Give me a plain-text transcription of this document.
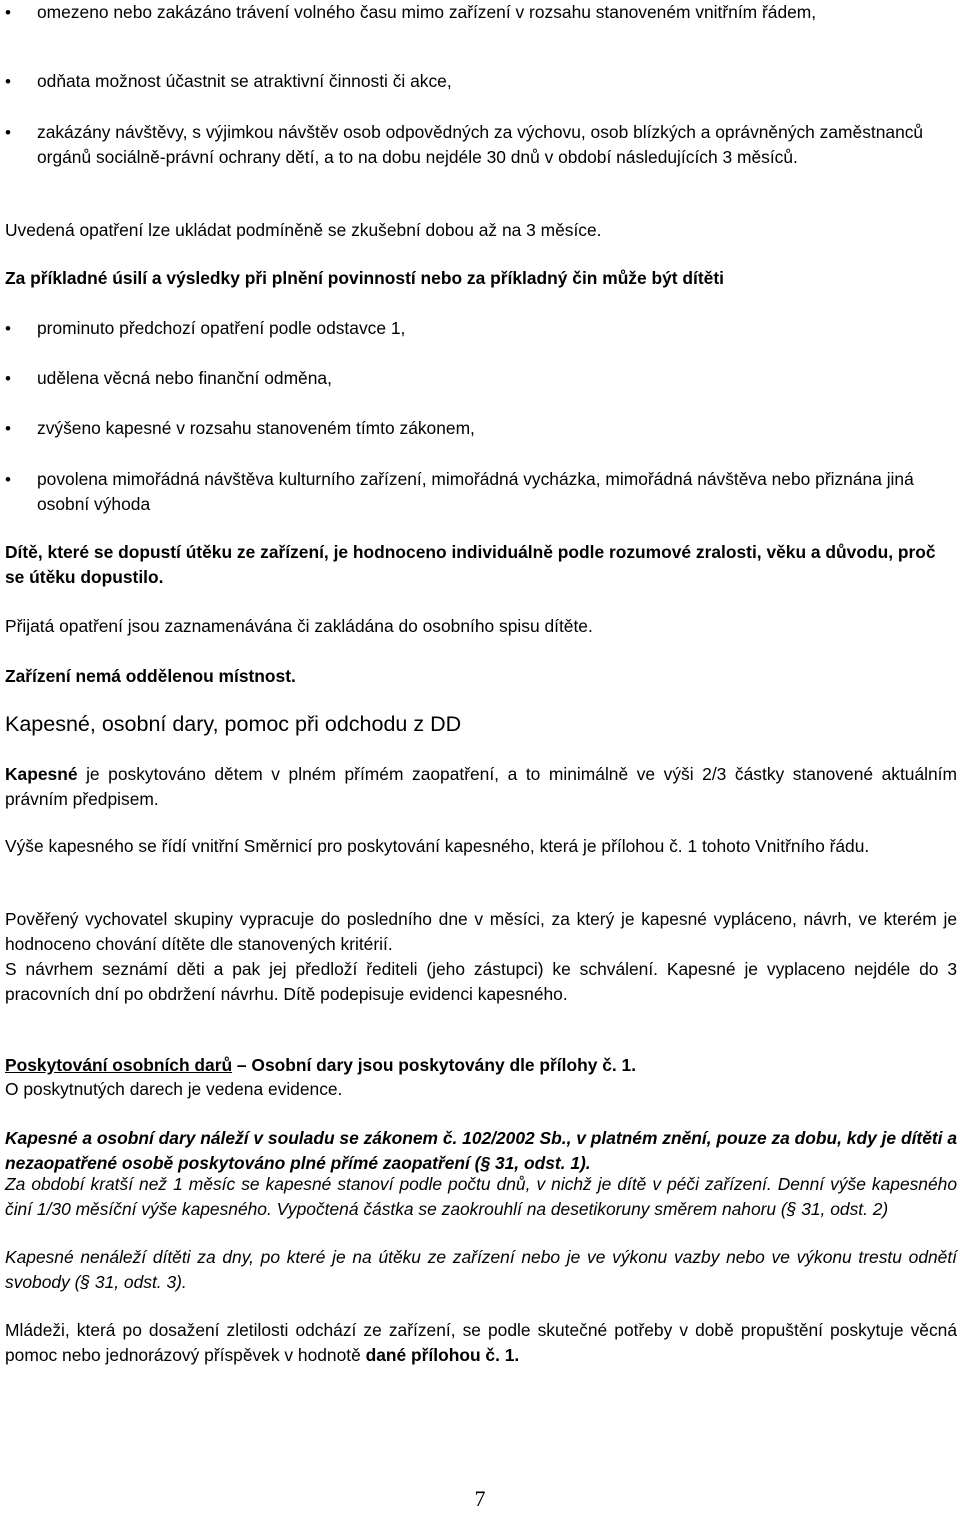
•	omezeno nebo zakázáno trávení volného času mimo zařízení v rozsahu stanoveném vnitřním řádem,
•	odňata možnost účastnit se atraktivní činnosti či akce,
•	zakázány návštěvy, s výjimkou návštěv osob odpovědných za výchovu, osob blízkých a oprávněných zaměstnanců orgánů sociálně-právní ochrany dětí, a to na dobu nejdéle 30 dnů v období následujících 3 měsíců.

Uvedená opatření lze ukládat podmíněně se zkušební dobou až na 3 měsíce.

Za příkladné úsilí a výsledky při plnění povinností nebo za příkladný čin může být dítěti

•	prominuto předchozí opatření podle odstavce 1,
•	udělena věcná nebo finanční odměna,
•	zvýšeno kapesné v rozsahu stanoveném tímto zákonem,
•	povolena mimořádná návštěva kulturního zařízení, mimořádná vycházka, mimořádná návštěva nebo přiznána jiná osobní výhoda

Dítě, které se dopustí útěku ze zařízení, je hodnoceno individuálně podle rozumové zralosti, věku a důvodu, proč se útěku dopustilo.

Přijatá opatření jsou zaznamenávána či zakládána do osobního spisu dítěte.

Zařízení nemá oddělenou místnost.

Kapesné, osobní dary, pomoc při odchodu z DD

Kapesné je poskytováno dětem v plném přímém zaopatření, a to minimálně ve výši 2/3 částky stanovené aktuálním právním předpisem.

Výše kapesného se řídí vnitřní Směrnicí pro poskytování kapesného, která je přílohou č. 1 tohoto Vnitřního řádu.

Pověřený vychovatel skupiny vypracuje do posledního dne v měsíci, za který je kapesné vypláceno, návrh, ve kterém je hodnoceno chování dítěte dle stanovených kritérií.

S návrhem seznámí děti a pak jej předloží řediteli (jeho zástupci) ke schválení. Kapesné je vyplaceno nejdéle do 3 pracovních dní po obdržení návrhu. Dítě podepisuje evidenci kapesného.

Poskytování osobních darů – Osobní dary jsou poskytovány dle přílohy č. 1.

O poskytnutých darech je vedena evidence.

Kapesné a osobní dary náleží v souladu se zákonem č. 102/2002 Sb., v platném znění, pouze za dobu, kdy je dítěti a nezaopatřené osobě poskytováno plné přímé zaopatření (§ 31, odst. 1).

Za období kratší než 1 měsíc se kapesné stanoví podle počtu dnů, v nichž je dítě v péči zařízení. Denní výše kapesného činí 1/30 měsíční výše kapesného. Vypočtená částka se zaokrouhlí na desetikoruny směrem nahoru (§ 31, odst. 2)

Kapesné nenáleží dítěti za dny, po které je na útěku ze zařízení nebo je ve výkonu vazby nebo ve výkonu trestu odnětí svobody (§ 31, odst. 3).

Mládeži, která po dosažení zletilosti odchází ze zařízení, se podle skutečné potřeby v době propuštění poskytuje věcná pomoc nebo jednorázový příspěvek v hodnotě dané přílohou č. 1.

7
